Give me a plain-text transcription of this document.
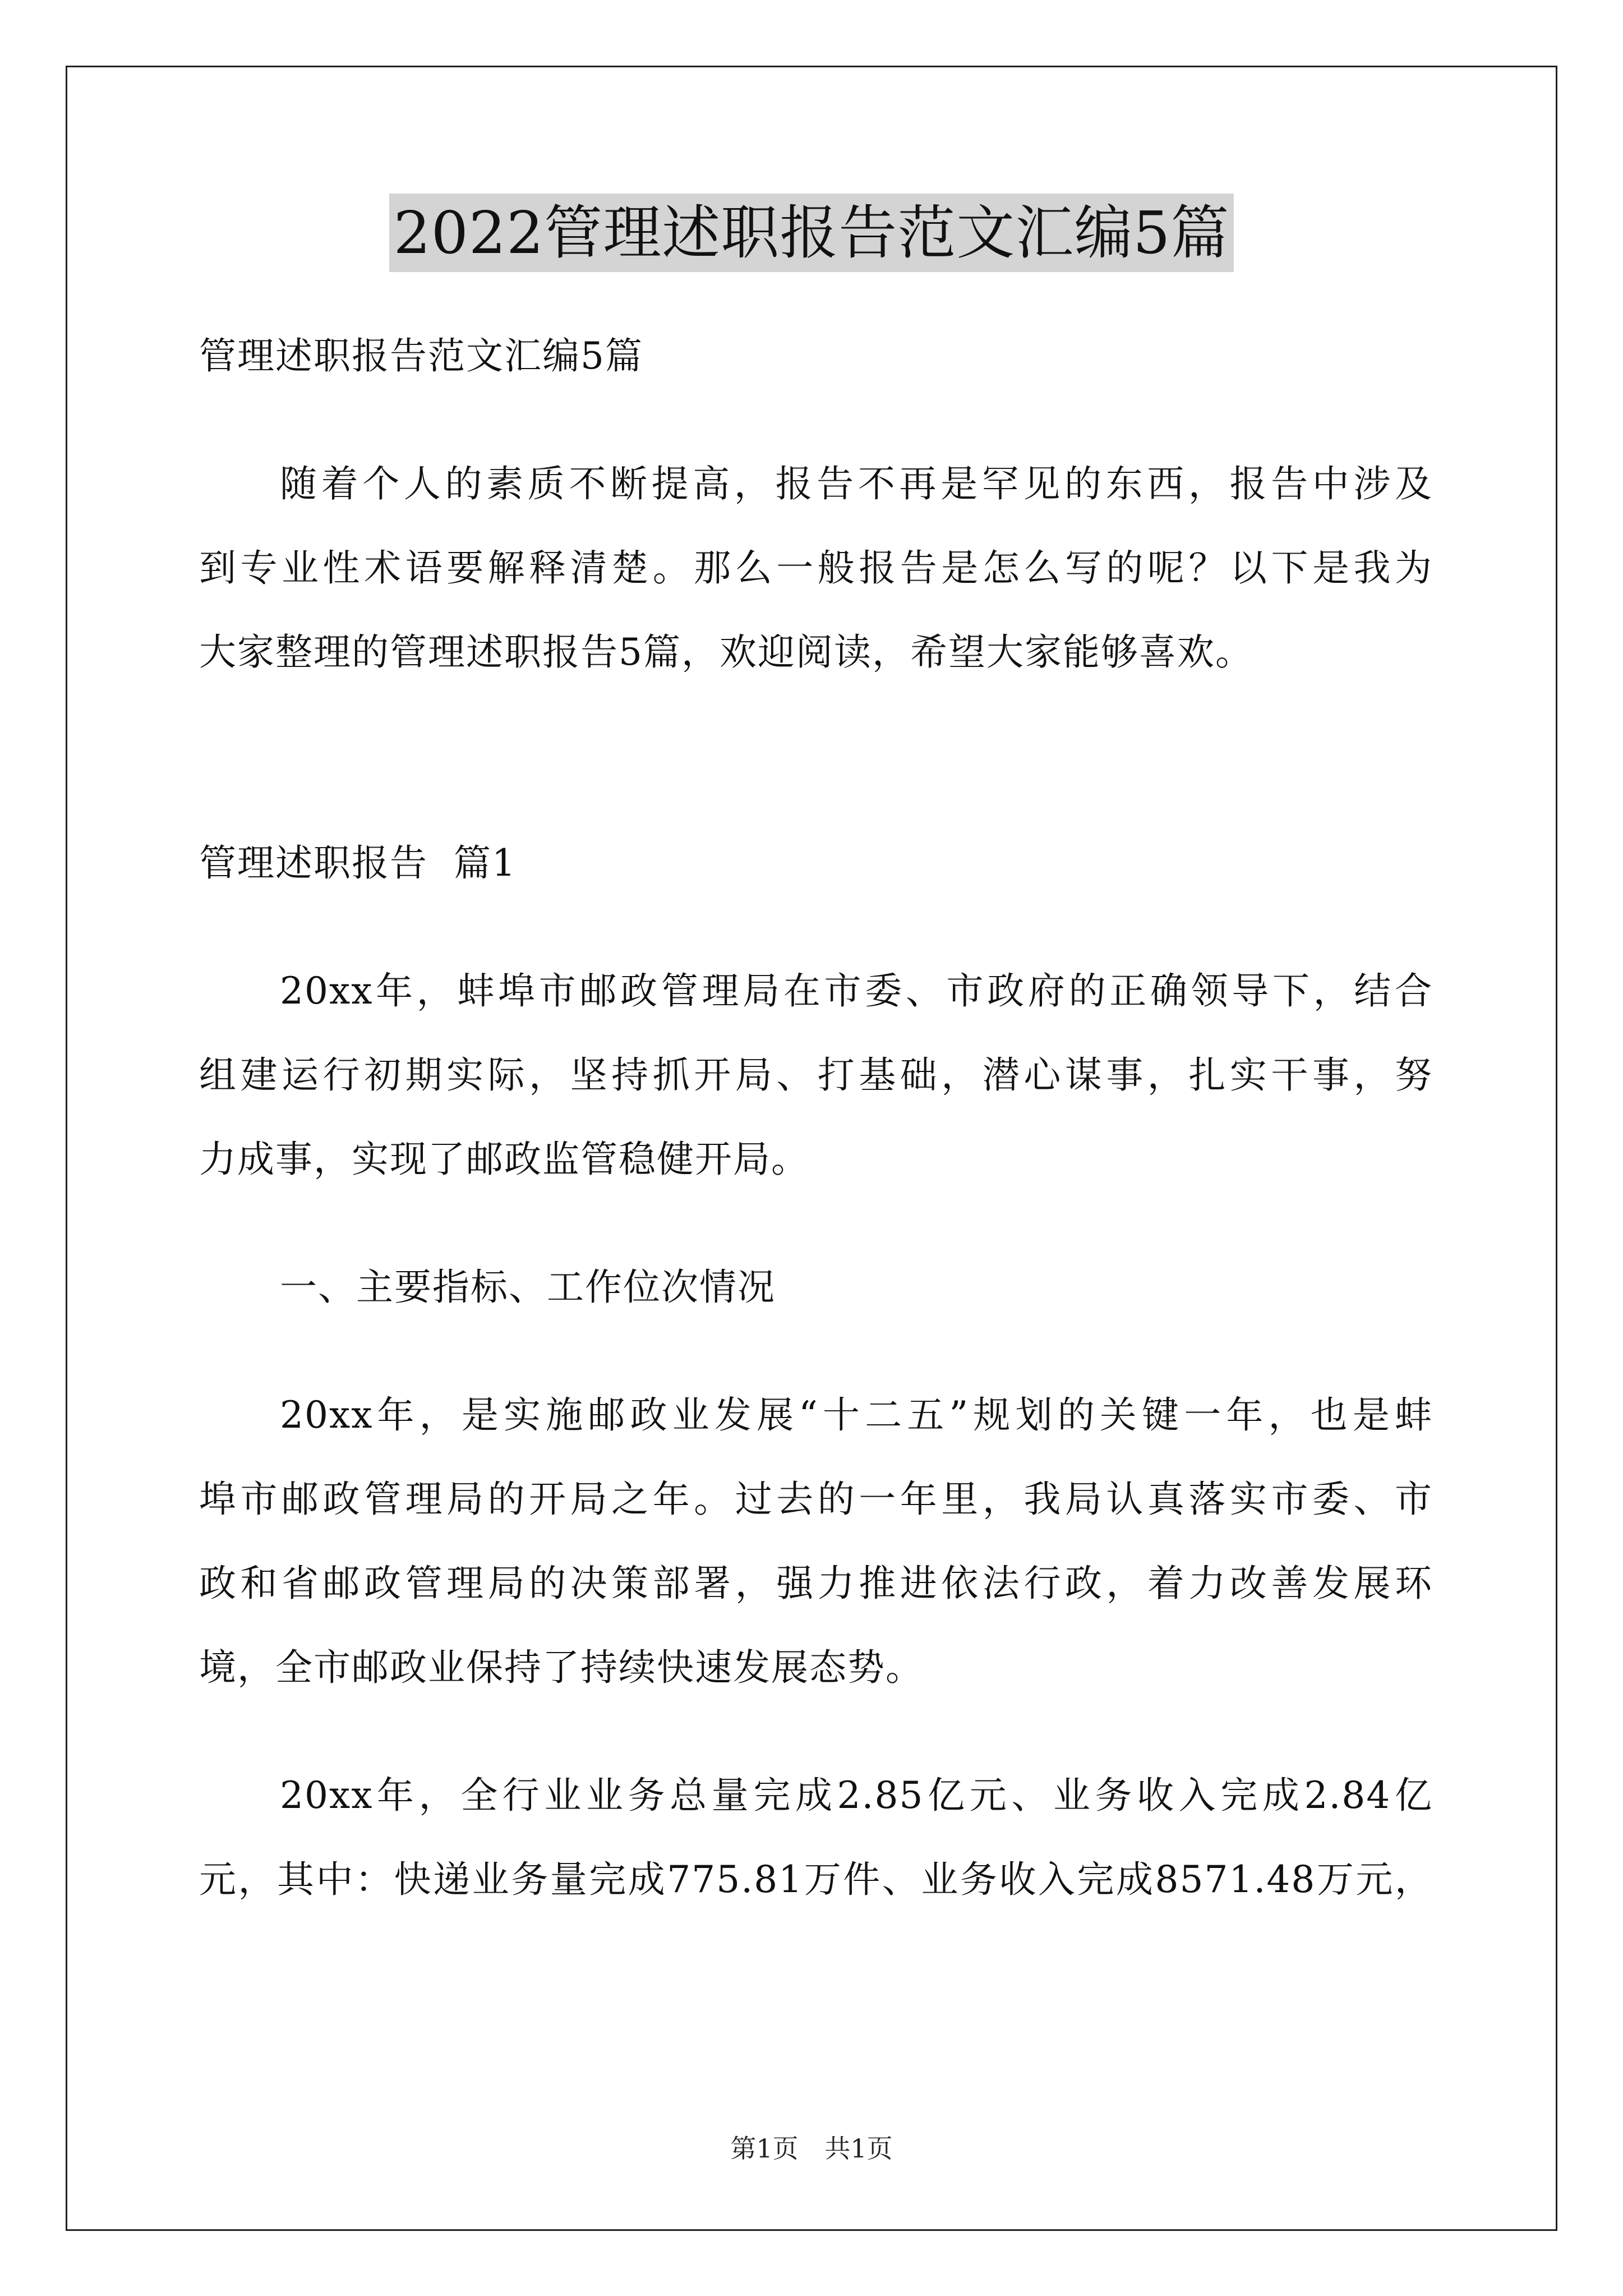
2022管理述职报告范文汇编5篇
管理述职报告范文汇编5篇
随着个人的素质不断提高，报告不再是罕见的东西，报告中涉及
到专业性术语要解释清楚。那么一般报告是怎么写的呢？以下是我为
大家整理的管理述职报告5篇，欢迎阅读，希望大家能够喜欢。
管理述职报告  篇1
20xx年，蚌埠市邮政管理局在市委、市政府的正确领导下，结合
组建运行初期实际，坚持抓开局、打基础，潜心谋事，扎实干事，努
力成事，实现了邮政监管稳健开局。
一、主要指标、工作位次情况
20xx年，是实施邮政业发展“十二五”规划的关键一年，也是蚌
埠市邮政管理局的开局之年。过去的一年里，我局认真落实市委、市
政和省邮政管理局的决策部署，强力推进依法行政，着力改善发展环
境，全市邮政业保持了持续快速发展态势。
20xx年，全行业业务总量完成2.85亿元、业务收入完成2.84亿
元，其中：快递业务量完成775.81万件、业务收入完成8571.48万元，
第1页 共1页
